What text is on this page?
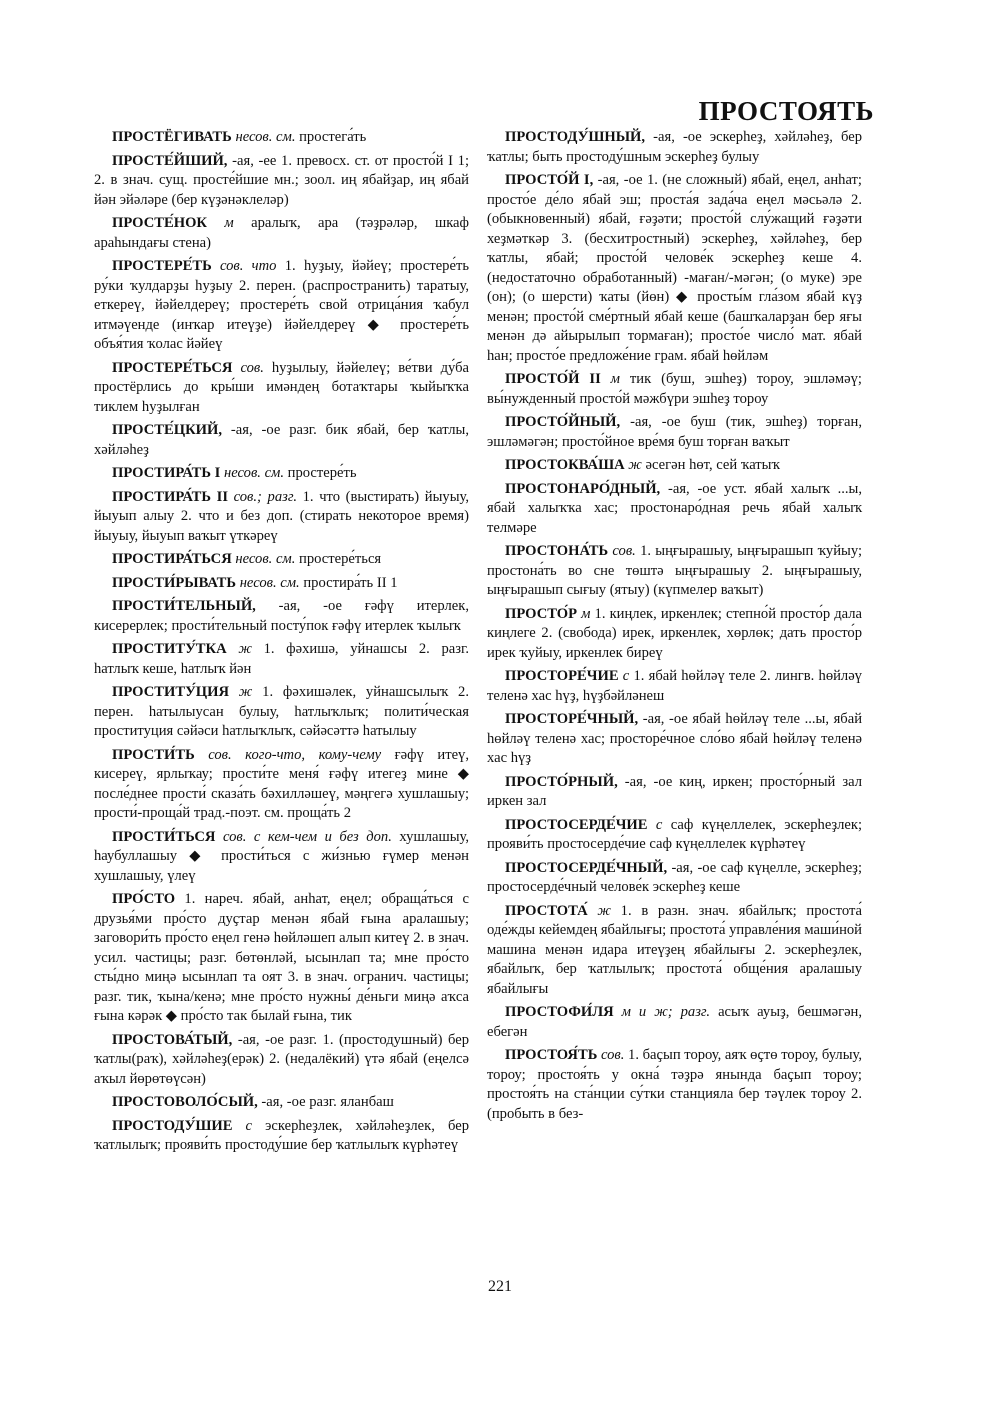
ПРОСТОЯТЬ

ПРОСТЁГИВАТЬ несов. см. простега́ть

ПРОСТЕ́ЙШИЙ, -ая, -ее 1. превосх. ст. от просто́й I 1; 2. в знач. сущ. просте́йшие мн.; зоол. иң ябайҙар, иң ябай йән эйәләре (бер күҙәнәклеләр)

ПРОСТЕ́НОК м аралыҡ, ара (тәҙрәләр, шкаф араһындағы стена)

ПРОСТЕРЕ́ТЬ сов. что 1. һуҙыу, йәйеү; простере́ть ру́ки ҡулдарҙы һуҙыу 2. перен. (распространить) таратыу, еткереү, йәйелдереү; простере́ть свой отрица́ния ҡабул итмәүенде (инҡар итеүҙе) йәйелдереү ◆ простере́ть объя́тия ҡолас йәйеү

ПРОСТЕРЕ́ТЬСЯ сов. һуҙылыу, йәйелеү; ве́тви ду́ба простёрлись до кры́ши имәндең ботаҡтары ҡыйыҡҡа тиклем һуҙылған

ПРОСТЕ́ЦКИЙ, -ая, -ое разг. бик ябай, бер ҡатлы, хәйләһеҙ

ПРОСТИРА́ТЬ I несов. см. простере́ть

ПРОСТИРА́ТЬ II сов.; разг. 1. что (выстирать) йыуыу, йыуып алыу 2. что и без доп. (стирать некоторое время) йыуыу, йыуып ваҡыт үткәреү

ПРОСТИРА́ТЬСЯ несов. см. простере́ться

ПРОСТИ́РЫВАТЬ несов. см. простира́ть II 1

ПРОСТИ́ТЕЛЬНЫЙ, -ая, -ое ғәфү итерлек, кисерерлек; прости́тельный посту́пок ғәфү итерлек ҡылыҡ

ПРОСТИТУ́ТКА ж 1. фәхишә, уйнашсы 2. разг. һатлыҡ кеше, һатлыҡ йән

ПРОСТИТУ́ЦИЯ ж 1. фәхишәлек, уйнашсылыҡ 2. перен. һатылыусан булыу, һатлыҡлыҡ; полити́ческая проституция сәйәси һатлыҡлыҡ, сәйәсәттә һатылыу

ПРОСТИ́ТЬ сов. кого-что, кому-чему ғәфү итеү, кисереү, ярлыҡау; прости́те меня́ ғәфү итегеҙ мине ◆ после́днее прости́ сказа́ть бәхилләшеү, мәңгегә хушлашыу; прости́-проща́й трад.-поэт. см. проща́ть 2

ПРОСТИ́ТЬСЯ сов. с кем-чем и без доп. хушлашыу, һаубуллашыу ◆ прости́ться с жи́знью ғүмер менән хушлашыу, үлеү

ПРО́СТО 1. нареч. ябай, анһат, еңел; обраща́ться с друзья́ми про́сто дуҫтар менән ябай ғына аралашыу; заговори́ть про́сто еңел генә һөйләшеп алып китеү 2. в знач. усил. частицы; разг. бөтөнләй, ысынлап та; мне про́сто сты́дно миңә ысынлап та оят 3. в знач. огранич. частицы; разг. тик, ҡына/кенә; мне про́сто нужны́ де́ньги миңә аҡса ғына кәрәк ◆ про́сто так былай ғына, тик

ПРОСТОВА́ТЫЙ, -ая, -ое разг. 1. (простодушный) бер ҡатлы(раҡ), хәйләһеҙ(ерәк) 2. (недалёкий) үтә ябай (еңелсә аҡыл йөрөтөүсән)

ПРОСТОВОЛО́СЫЙ, -ая, -ое разг. яланбаш

ПРОСТОДУ́ШИЕ с эскерһеҙлек, хәйләһеҙлек, бер ҡатлылыҡ; прояви́ть простоду́шие бер ҡатлылыҡ күрһәтеү

ПРОСТОДУ́ШНЫЙ, -ая, -ое эскерһеҙ, хәйләһеҙ, бер ҡатлы; быть простоду́шным эскерһеҙ булыу

ПРОСТО́Й I, -ая, -ое 1. (не сложный) ябай, еңел, анһат; просто́е де́ло ябай эш; проста́я зада́ча еңел мәсьәлә 2. (обыкновенный) ябай, ғәҙәти; просто́й слу́жащий ғәҙәти хеҙмәткәр 3. (бесхитростный) эскерһеҙ, хәйләһеҙ, бер ҡатлы, ябай; просто́й челове́к эскерһеҙ кеше 4. (недостаточно обработанный) -маған/-мәгән; (о муке) эре (он); (о шерсти) ҡаты (йөн) ◆ просты́м гла́зом ябай күҙ менән; просто́й сме́ртный ябай кеше (башҡаларҙан бер яғы менән дә айырылып тормаған); просто́е число́ мат. ябай һан; просто́е предложе́ние грам. ябай һөйләм

ПРОСТО́Й II м тик (буш, эшһеҙ) тороу, эшләмәү; вы́нужденный просто́й мәжбүри эшһеҙ тороу

ПРОСТО́ЙНЫЙ, -ая, -ое буш (тик, эшһеҙ) торған, эшләмәгән; просто́йное вре́мя буш торған ваҡыт

ПРОСТОКВА́ША ж әсегән һөт, сей ҡатыҡ

ПРОСТОНАРО́ДНЫЙ, -ая, -ое уст. ябай халыҡ ...ы, ябай халыҡҡа хас; простонаро́дная речь ябай халыҡ телмәре

ПРОСТОНА́ТЬ сов. 1. ыңғырашыу, ыңғырашып ҡуйыу; простона́ть во сне төштә ыңғырашыу 2. ыңғырашыу, ыңғырашып сығыу (ятыу) (күпмелер ваҡыт)

ПРОСТО́Р м 1. киңлек, иркенлек; степно́й просто́р дала киңлеге 2. (свобода) ирек, иркенлек, хөрлөк; дать просто́р ирек ҡуйыу, иркенлек биреү

ПРОСТОРЕ́ЧИЕ с 1. ябай һөйләү теле 2. лингв. һөйләү теленә хас һүҙ, һүҙбәйләнеш

ПРОСТОРЕ́ЧНЫЙ, -ая, -ое ябай һөйләү теле ...ы, ябай һөйләү теленә хас; просторе́чное сло́во ябай һөйләү теленә хас һүҙ

ПРОСТО́РНЫЙ, -ая, -ое киң, иркен; просто́рный зал иркен зал

ПРОСТОСЕРДЕ́ЧИЕ с саф күңеллелек, эскерһеҙлек; прояви́ть простосерде́чие саф күңеллелек күрһәтеү

ПРОСТОСЕРДЕ́ЧНЫЙ, -ая, -ое саф күңелле, эскерһеҙ; простосерде́чный челове́к эскерһеҙ кеше

ПРОСТОТА́ ж 1. в разн. знач. ябайлыҡ; простота́ оде́жды кейемдең ябайлығы; простота́ управле́ния маши́ной машина менән идара итеүҙең ябайлығы 2. эскерһеҙлек, ябайлыҡ, бер ҡатлылыҡ; простота́ обще́ния аралашыу ябайлығы

ПРОСТОФИ́ЛЯ м и ж; разг. асыҡ ауыҙ, бешмәгән, ебегән

ПРОСТОЯ́ТЬ сов. 1. баҫып тороу, аяҡ өҫтө тороу, булыу, тороу; простоя́ть у окна́ тәҙрә янында баҫып тороу; простоя́ть на ста́нции су́тки станцияла бер тәүлек тороу 2. (пробыть в без-

221
